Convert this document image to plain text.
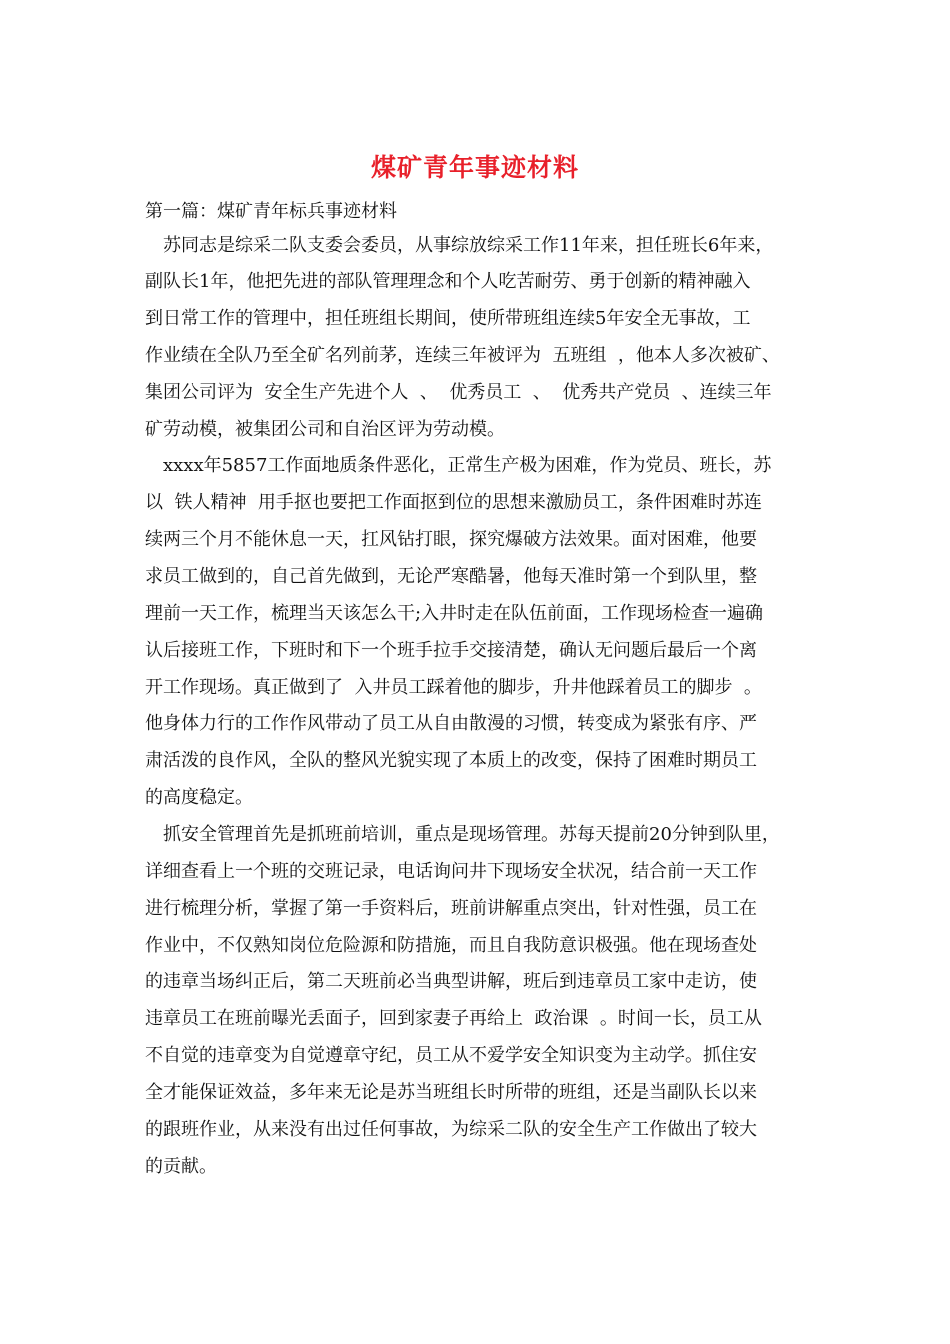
煤矿青年事迹材料
第一篇：煤矿青年标兵事迹材料
苏同志是综采二队支委会委员，从事综放综采工作11年来，担任班长6年来，
副队长1年，他把先进的部队管理理念和个人吃苦耐劳、勇于创新的精神融入
到日常工作的管理中，担任班组长期间，使所带班组连续5年安全无事故，工
作业绩在全队乃至全矿名列前茅，连续三年被评为  五班组  ，他本人多次被矿、
集团公司评为  安全生产先进个人  、  优秀员工  、  优秀共产党员  、连续三年
矿劳动模，被集团公司和自治区评为劳动模。
xxxx年5857工作面地质条件恶化，正常生产极为困难，作为党员、班长，苏
以  铁人精神  用手抠也要把工作面抠到位的思想来激励员工，条件困难时苏连
续两三个月不能休息一天，扛风钻打眼，探究爆破方法效果。面对困难，他要
求员工做到的，自己首先做到，无论严寒酷暑，他每天准时第一个到队里，整
理前一天工作，梳理当天该怎么干;入井时走在队伍前面，工作现场检查一遍确
认后接班工作，下班时和下一个班手拉手交接清楚，确认无问题后最后一个离
开工作现场。真正做到了  入井员工踩着他的脚步，升井他踩着员工的脚步  。
他身体力行的工作作风带动了员工从自由散漫的习惯，转变成为紧张有序、严
肃活泼的良作风，全队的整风光貌实现了本质上的改变，保持了困难时期员工
的高度稳定。
抓安全管理首先是抓班前培训，重点是现场管理。苏每天提前20分钟到队里，
详细查看上一个班的交班记录，电话询问井下现场安全状况，结合前一天工作
进行梳理分析，掌握了第一手资料后，班前讲解重点突出，针对性强，员工在
作业中，不仅熟知岗位危险源和防措施，而且自我防意识极强。他在现场查处
的违章当场纠正后，第二天班前必当典型讲解，班后到违章员工家中走访，使
违章员工在班前曝光丢面子，回到家妻子再给上  政治课  。时间一长，员工从
不自觉的违章变为自觉遵章守纪，员工从不爱学安全知识变为主动学。抓住安
全才能保证效益，多年来无论是苏当班组长时所带的班组，还是当副队长以来
的跟班作业，从来没有出过任何事故，为综采二队的安全生产工作做出了较大
的贡献。
